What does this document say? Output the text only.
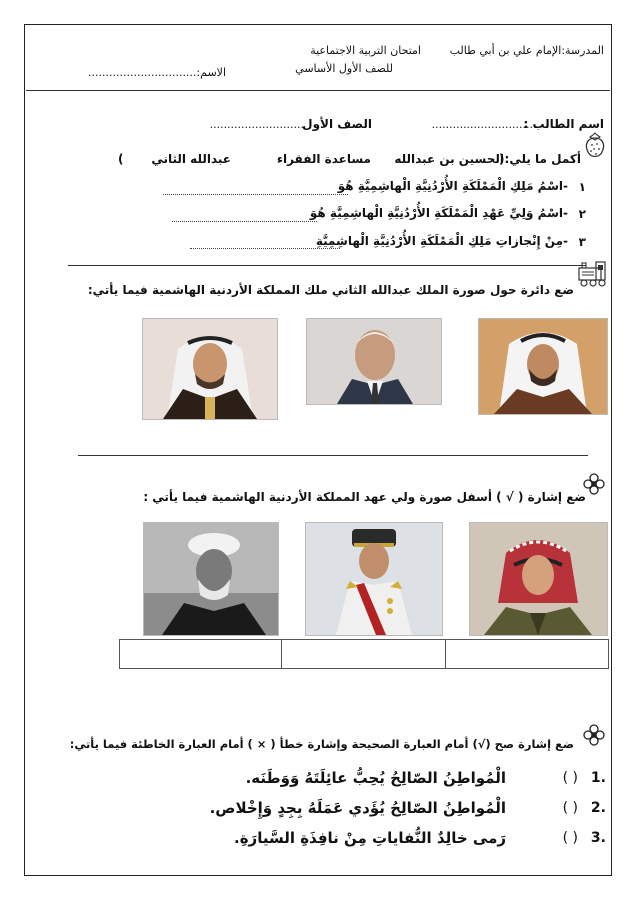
المدرسة:الإمام علي بن أبي طالب
امتحان التربية الاجتماعية
للصف الأول الأساسي
الاسم:...............................
اسم الطالب :
...............................
الصف الأول
...........................
أكمل ما يلي:(
الحسين بن عبدالله
مساعدة الفقراء
عبدالله الثاني
)
١
-اسْمُ مَلِكِ الْمَمْلَكَةِ الأُرْدُنِيَّةِ الْهاشِمِيَّةِ هُوَ
٢
-اسْمُ وَلِيِّ عَهْدِ الْمَمْلَكَةِ الأُرْدُنِيَّةِ الْهاشِمِيَّةِ هُوَ
٣
-مِنْ إِنْجازاتِ مَلِكِ الْمَمْلَكَةِ الأُرْدُنِيَّةِ الْهاشِمِيَّةِ
ضع دائرة حول صورة الملك عبدالله الثاني ملك المملكة الأردنية الهاشمية فيما يأتي:
ضع إشارة ( √ ) أسفل صورة ولي عهد المملكة الأردنية الهاشمية فيما يأتي :
ضع إشارة صح (√) أمام العبارة الصحيحة وإشارة خطأ ( × ) أمام العبارة الخاطئة فيما يأتي:
.1
( )
الْمُواطِنُ الصّالِحُ يُحِبُّ عائِلَتَهُ وَوَطَنَه.
.2
( )
الْمُواطِنُ الصّالِحُ يُؤَدي عَمَلَهُ بِجِدٍ وَإِخْلاص.
.3
( )
رَمى خالِدٌ النُّفاياتِ مِنْ نافِذَةِ السَّيارَةِ.
